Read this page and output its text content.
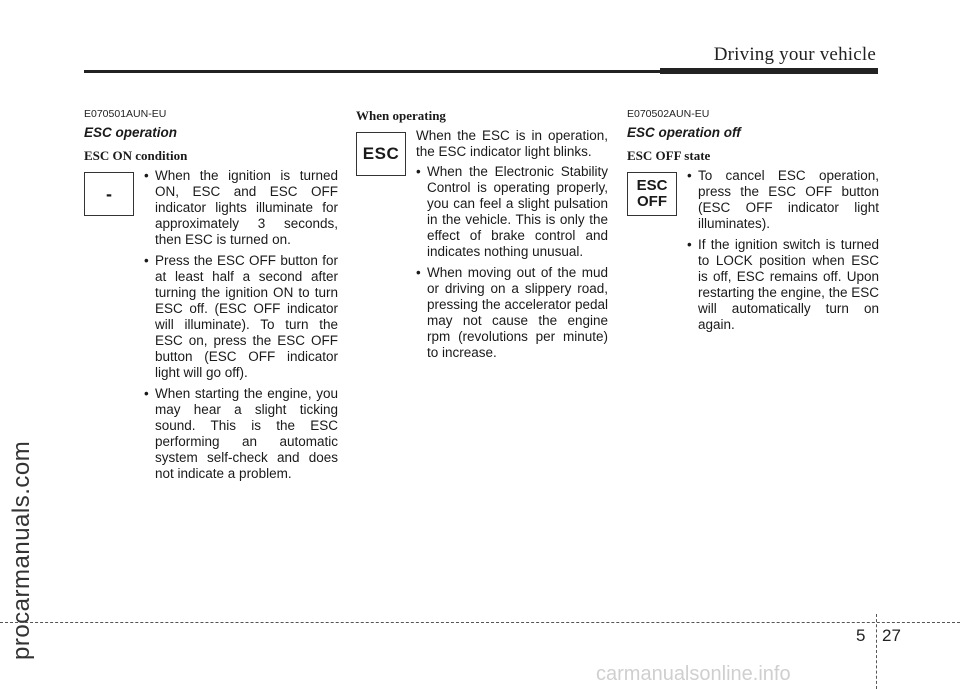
Driving your vehicle
procarmanuals.com
E070501AUN-EU
ESC operation
ESC ON condition
-
• When the ignition is turned ON, ESC and ESC OFF indicator lights illuminate for approximately 3 seconds, then ESC is turned on.
• Press the ESC OFF button for at least half a second after turning the ignition ON to turn ESC off. (ESC OFF indicator will illuminate). To turn the ESC on, press the ESC OFF button (ESC OFF indicator light will go off).
• When starting the engine, you may hear a slight ticking sound. This is the ESC performing an automatic system self-check and does not indicate a problem.
When operating
ESC

When the ESC is in operation, the ESC indicator light blinks.

• When the Electronic Stability Control is operating properly, you can feel a slight pulsation in the vehicle. This is only the effect of brake control and indicates nothing unusual.
• When moving out of the mud or driving on a slippery road, pressing the accelerator pedal may not cause the engine rpm (revolutions per minute) to increase.
E070502AUN-EU
ESC operation off
ESC OFF state
ESC
OFF
• To cancel ESC operation, press the ESC OFF button (ESC OFF indicator light illuminates).
• If the ignition switch is turned to LOCK position when ESC is off, ESC remains off. Upon restarting the engine, the ESC will automatically turn on again.
5 27
carmanualsonline.info
